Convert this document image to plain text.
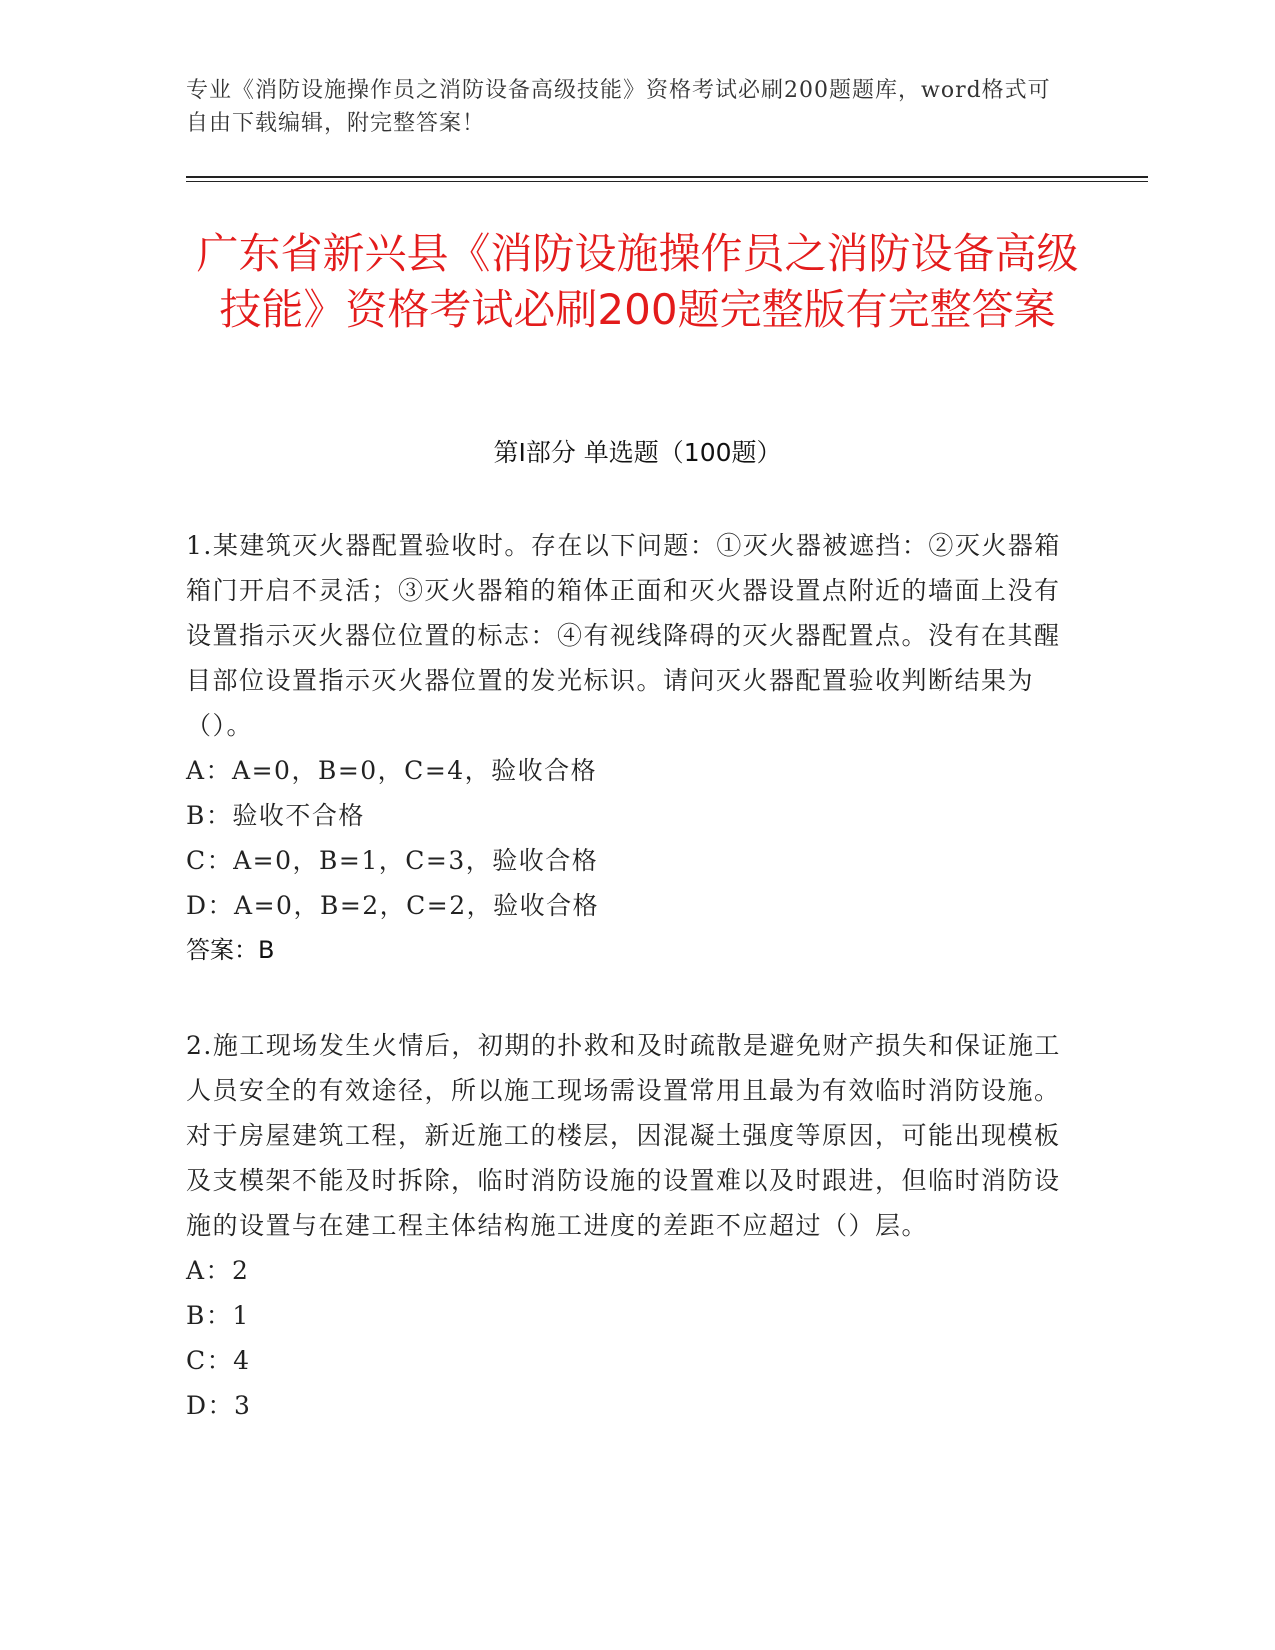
专业《消防设施操作员之消防设备高级技能》资格考试必刷200题题库，word格式可自由下载编辑，附完整答案！
广东省新兴县《消防设施操作员之消防设备高级技能》资格考试必刷200题完整版有完整答案
第Ⅰ部分 单选题（100题）
1.某建筑灭火器配置验收时。存在以下问题：①灭火器被遮挡：②灭火器箱箱门开启不灵活；③灭火器箱的箱体正面和灭火器设置点附近的墙面上没有设置指示灭火器位位置的标志：④有视线降碍的灭火器配置点。没有在其醒目部位设置指示灭火器位置的发光标识。请问灭火器配置验收判断结果为（）。
A：A=0，B=0，C=4，验收合格
B：验收不合格
C：A=0，B=1，C=3，验收合格
D：A=0，B=2，C=2，验收合格
答案：B
2.施工现场发生火情后，初期的扑救和及时疏散是避免财产损失和保证施工人员安全的有效途径，所以施工现场需设置常用且最为有效临时消防设施。对于房屋建筑工程，新近施工的楼层，因混凝土强度等原因，可能出现模板及支模架不能及时拆除，临时消防设施的设置难以及时跟进，但临时消防设施的设置与在建工程主体结构施工进度的差距不应超过（）层。
A：2
B：1
C：4
D：3
